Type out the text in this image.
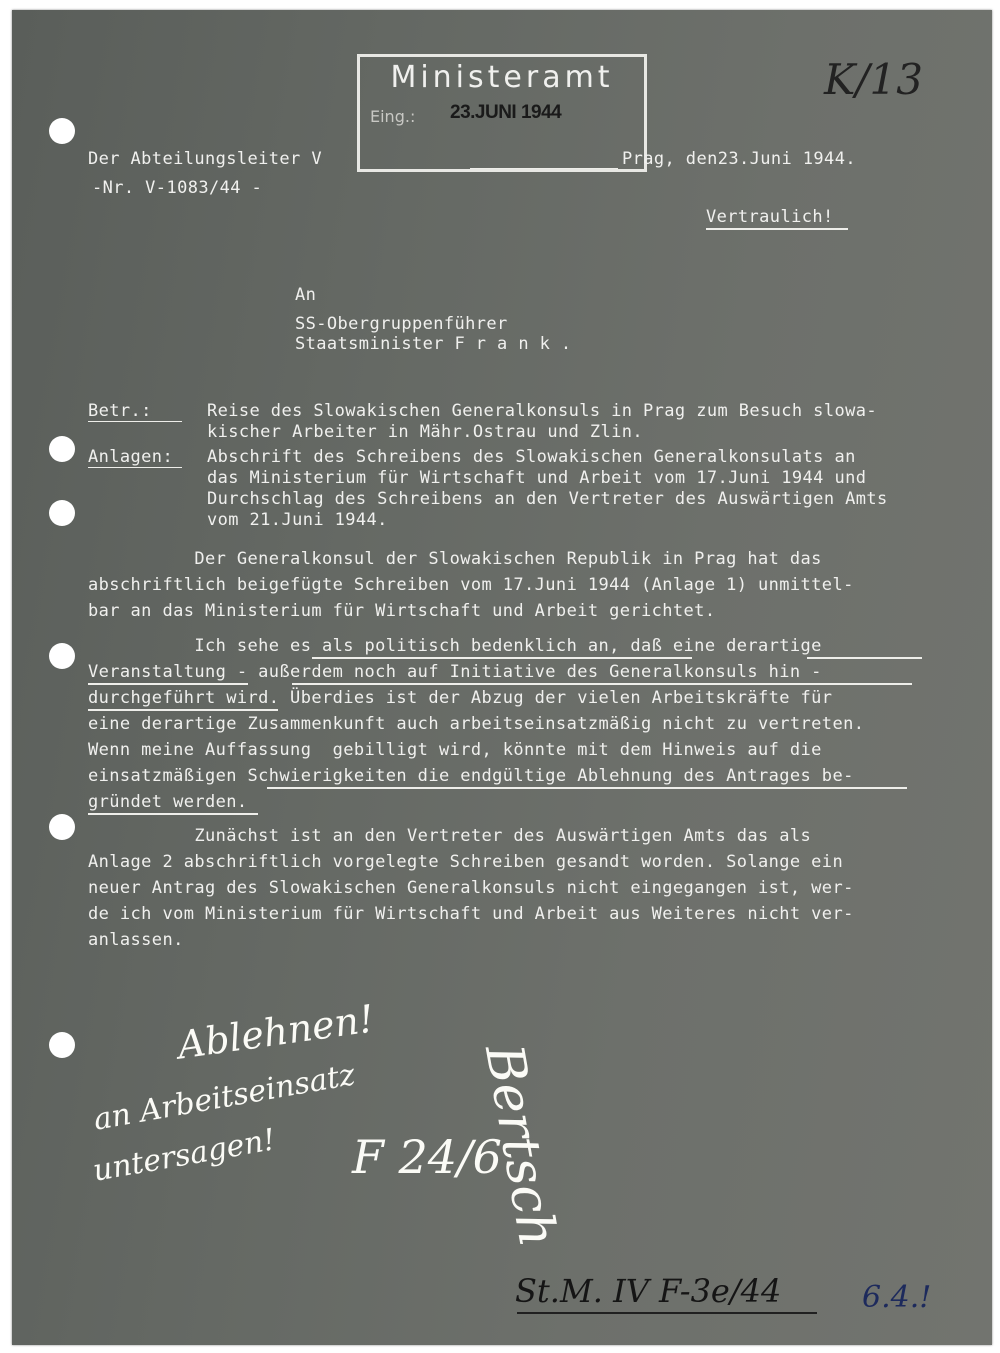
Ministeramt
Eing.: 23.JUNI 1944
K/13
Der Abteilungsleiter V
-Nr. V-1083/44 -
Prag, den23.Juni 1944.
Vertraulich!
An
SS-Obergruppenführer
Staatsminister F r a n k .
Betr.:	Reise des Slowakischen Generalkonsuls in Prag zum Besuch slowa-
kischer Arbeiter in Mähr.Ostrau und Zlin.
Anlagen: Abschrift des Schreibens des Slowakischen Generalkonsulats an
das Ministerium für Wirtschaft und Arbeit vom 17.Juni 1944 und
Durchschlag des Schreibens an den Vertreter des Auswärtigen Amts
vom 21.Juni 1944.
Der Generalkonsul der Slowakischen Republik in Prag hat das
abschriftlich beigefügte Schreiben vom 17.Juni 1944 (Anlage 1) unmittel-
bar an das Ministerium für Wirtschaft und Arbeit gerichtet.
Ich sehe es als politisch bedenklich an, daß eine derartige
Veranstaltung - außerdem noch auf Initiative des Generalkonsuls hin -
durchgeführt wird. Überdies ist der Abzug der vielen Arbeitskräfte für
eine derartige Zusammenkunft auch arbeitseinsatzmäßig nicht zu vertreten.
Wenn meine Auffassung  gebilligt wird, könnte mit dem Hinweis auf die
einsatzmäßigen Schwierigkeiten die endgültige Ablehnung des Antrages be-
gründet werden.
Zunächst ist an den Vertreter des Auswärtigen Amts das als
Anlage 2 abschriftlich vorgelegte Schreiben gesandt worden. Solange ein
neuer Antrag des Slowakischen Generalkonsuls nicht eingegangen ist, wer-
de ich vom Ministerium für Wirtschaft und Arbeit aus Weiteres nicht ver-
anlassen.
Ablehnen!
an Arbeitseinsatz
untersagen! F 24/6
Bertsch
St.M. IV F-3e/44	6.4.!
